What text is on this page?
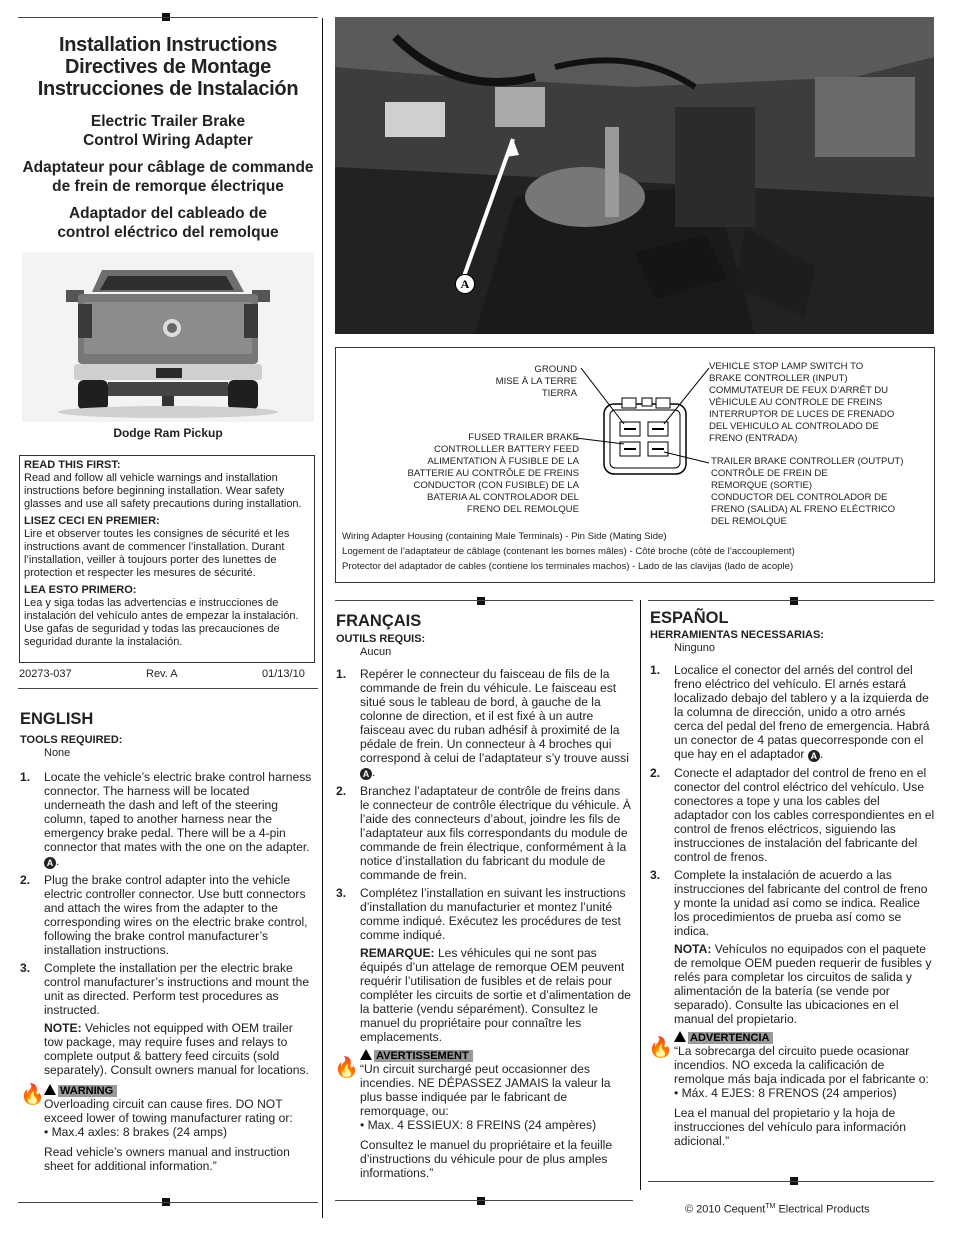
Installation Instructions
Directives de Montage
Instrucciones de Instalación
Electric Trailer Brake
Control Wiring Adapter
Adaptateur pour câblage de commande
de frein de remorque électrique
Adaptador del cableado de
control eléctrico del remolque
Dodge Ram Pickup
READ THIS FIRST:
Read and follow all vehicle warnings and installation instructions before beginning installation. Wear safety glasses and use all safety precautions during installation.
LISEZ CECI EN PREMIER:
Lire et observer toutes les consignes de sécurité et les instructions avant de commencer l’installation. Durant l’installation, veiller à toujours porter des lunettes de protection et respecter les mesures de sécurité.
LEA ESTO PRIMERO:
Lea y siga todas las advertencias e instrucciones de instalación del vehículo antes de empezar la instalación. Use gafas de seguridad y todas las precauciones de seguridad durante la instalación.
20273-037	Rev. A	01/13/10
ENGLISH
TOOLS REQUIRED:
None
1. Locate the vehicle’s electric brake control harness connector. The harness will be located underneath the dash and left of the steering column, taped to another harness near the emergency brake pedal. There will be a 4-pin connector that mates with the one on the adapter. A .
2. Plug the brake control adapter into the vehicle electric controller connector. Use butt connectors and attach the wires from the adapter to the corresponding wires on the electric brake control, following the brake control manufacturer’s installation instructions.
3. Complete the installation per the electric brake control manufacturer’s instructions and mount the unit as directed. Perform test procedures as instructed.
NOTE: Vehicles not equipped with OEM trailer tow package, may require fuses and relays to complete output & battery feed circuits (sold separately). Consult owners manual for locations.
🔥	WARNING
Overloading circuit can cause fires. DO NOT exceed lower of towing manufacturer rating or:
• Max.4 axles: 8 brakes (24 amps)
Read vehicle’s owners manual and instruction sheet for additional information.”
A
GROUND
MISE À LA TERRE
TIERRA
FUSED TRAILER BRAKE
CONTROLLLER BATTERY FEED
ALIMENTATION À FUSIBLE DE LA
BATTERIE AU CONTRÔLE DE FREINS
CONDUCTOR (CON FUSIBLE) DE LA
BATERIA AL CONTROLADOR DEL
FRENO DEL REMOLQUE
VEHICLE STOP LAMP SWITCH TO
BRAKE CONTROLLER (INPUT)
COMMUTATEUR DE FEUX D’ARRÊT DU
VÉHICULE AU CONTROLE DE FREINS
INTERRUPTOR DE LUCES DE FRENADO
DEL VEHICULO AL CONTROLADO DE
FRENO (ENTRADA)
TRAILER BRAKE CONTROLLER (OUTPUT)
CONTRÔLE DE FREIN DE
REMORQUE (SORTIE)
CONDUCTOR DEL CONTROLADOR DE
FRENO (SALIDA) AL FRENO ELÉCTRICO
DEL REMOLQUE
Wiring Adapter Housing (containing Male Terminals) - Pin Side (Mating Side)
Logement de l’adaptateur de câblage (contenant les bornes mâles) - Côté broche (côté de l’accouplement)
Protector del adaptador de cables (contiene los terminales machos) - Lado de las clavijas (lado de acople)
FRANÇAIS
OUTILS REQUIS:
Aucun
1. Repérer le connecteur du faisceau de fils de la commande de frein du véhicule. Le faisceau est situé sous le tableau de bord, à gauche de la colonne de direction, et il est fixé à un autre faisceau avec du ruban adhésif à proximité de la pédale de frein. Un connecteur à 4 broches qui correspond à celui de l’adaptateur s’y trouve aussi A .
2. Branchez l’adaptateur de contrôle de freins dans le connecteur de contrôle électrique du véhicule. À l’aide des connecteurs d’about, joindre les fils de l’adaptateur aux fils correspondants du module de commande de frein électrique, conformément à la notice d’installation du fabricant du module de commande de frein.
3. Complétez l’installation en suivant les instructions d’installation du manufacturier et montez l’unité comme indiqué. Exécutez les procédures de test comme indiqué.
REMARQUE: Les véhicules qui ne sont pas équipés d’un attelage de remorque OEM peuvent requérir l’utilisation de fusibles et de relais pour compléter les circuits de sortie et d’alimentation de la batterie (vendu séparément). Consultez le manuel du propriétaire pour connaître les emplacements.
🔥
AVERTISSEMENT
“Un circuit surchargé peut occasionner des incendies. NE DÉPASSEZ JAMAIS la valeur la plus basse indiquée par le fabricant de remorquage, ou:
• Max. 4 ESSIEUX: 8 FREINS (24 ampères)
Consultez le manuel du propriétaire et la feuille d’instructions du véhicule pour de plus amples informations.”
ESPAÑOL
HERRAMIENTAS NECESSARIAS:
Ninguno
1. Localice el conector del arnés del control del freno eléctrico del vehículo. El arnés estará localizado debajo del tablero y a la izquierda de la columna de dirección, unido a otro arnés cerca del pedal del freno de emergencia. Habrá un conector de 4 patas quecorresponde con el que hay en el adaptador A .
2. Conecte el adaptador del control de freno en el conector del control eléctrico del vehículo. Use conectores a tope y una los cables del adaptador con los cables correspondientes en el control de frenos eléctricos, siguiendo las instrucciones de instalación del fabricante del control de frenos.
3. Complete la instalación de acuerdo a las instrucciones del fabricante del control de freno y monte la unidad así como se indica. Realice los procedimientos de prueba así como se indica.
NOTA: Vehículos no equipados con el paquete de remolque OEM pueden requerir de fusibles y relés para completar los circuitos de salida y alimentación de la batería (se vende por separado). Consulte las ubicaciones en el manual del propietario.
🔥	ADVERTENCIA
“La sobrecarga del circuito puede ocasionar incendios. NO exceda la calificación de remolque más baja indicada por el fabricante o:
• Máx. 4 EJES: 8 FRENOS (24 amperios)
Lea el manual del propietario y la hoja de instrucciones del vehículo para información adicional.”
© 2010 Cequent™ Electrical Products
